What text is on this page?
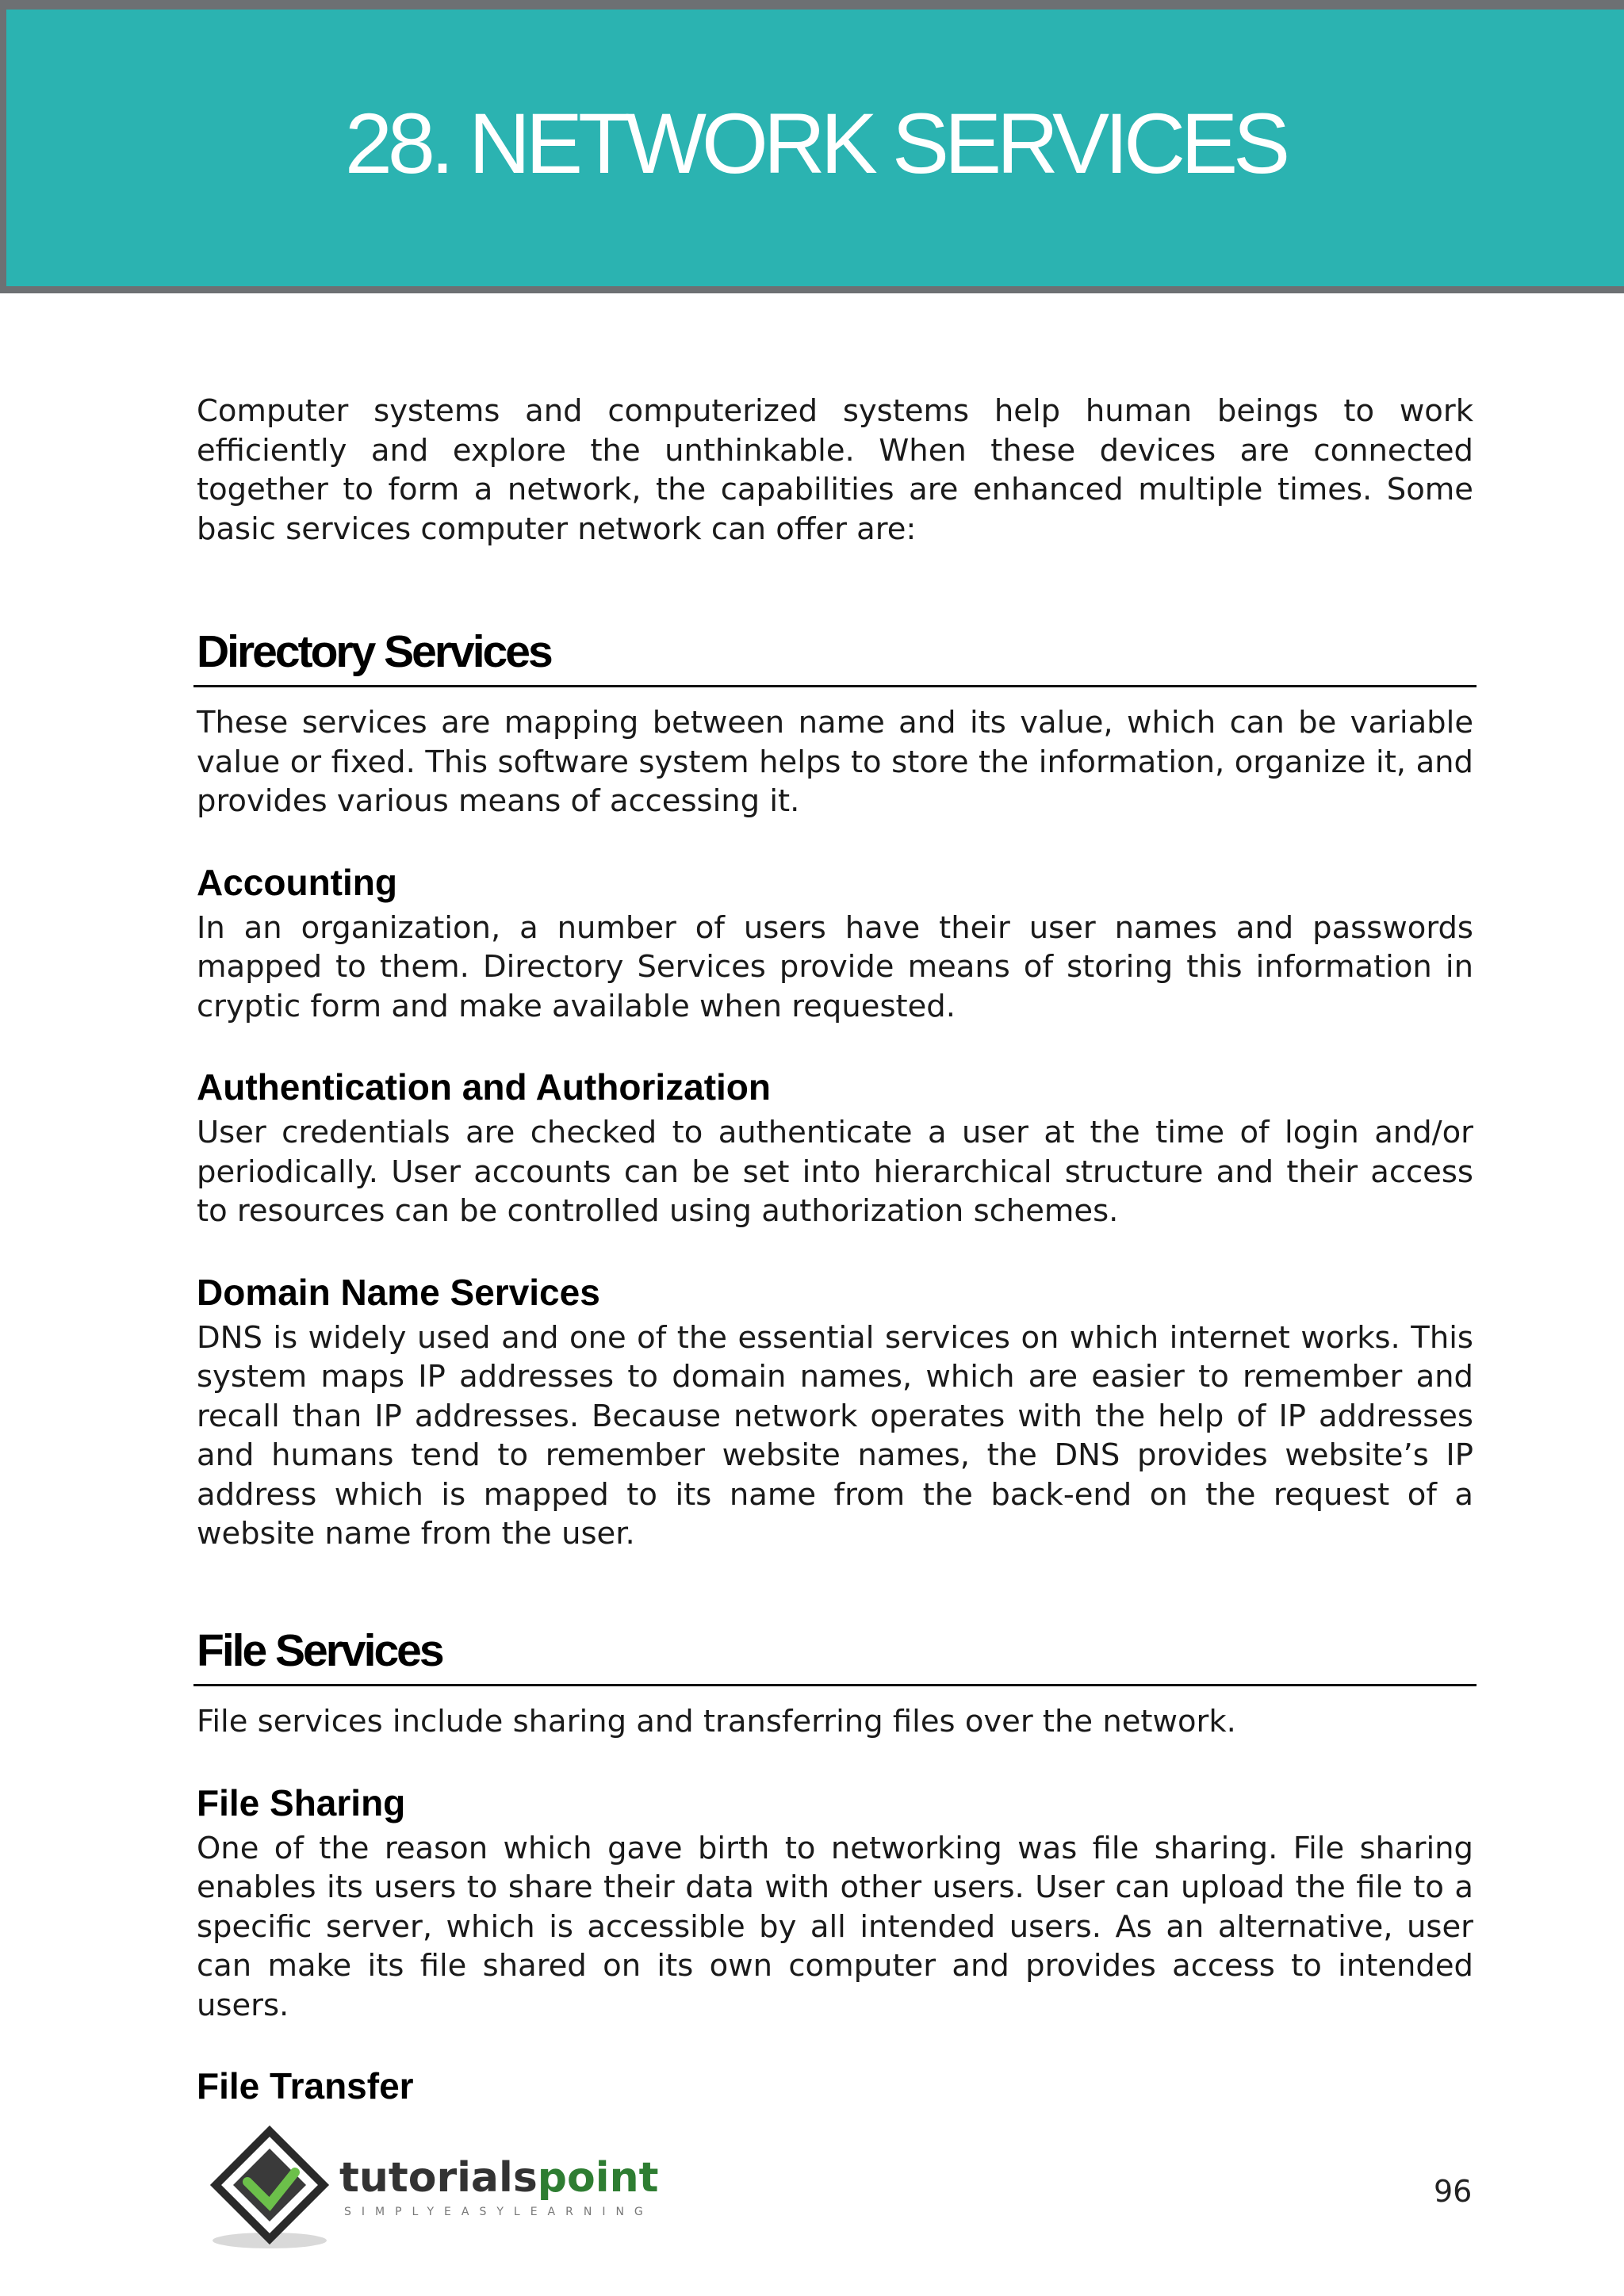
28. NETWORK SERVICES

Computer systems and computerized systems help human beings to work efficiently and explore the unthinkable. When these devices are connected together to form a network, the capabilities are enhanced multiple times. Some basic services computer network can offer are:

Directory Services

These services are mapping between name and its value, which can be variable value or fixed. This software system helps to store the information, organize it, and provides various means of accessing it.

Accounting

In an organization, a number of users have their user names and passwords mapped to them. Directory Services provide means of storing this information in cryptic form and make available when requested.

Authentication and Authorization

User credentials are checked to authenticate a user at the time of login and/or periodically. User accounts can be set into hierarchical structure and their access to resources can be controlled using authorization schemes.

Domain Name Services

DNS is widely used and one of the essential services on which internet works. This system maps IP addresses to domain names, which are easier to remember and recall than IP addresses. Because network operates with the help of IP addresses and humans tend to remember website names, the DNS provides website’s IP address which is mapped to its name from the back-end on the request of a website name from the user.

File Services

File services include sharing and transferring files over the network.

File Sharing

One of the reason which gave birth to networking was file sharing. File sharing enables its users to share their data with other users. User can upload the file to a specific server, which is accessible by all intended users. As an alternative, user can make its file shared on its own computer and provides access to intended users.

File Transfer
tutorialspoint
SIMPLYEASYLEARNING
96
